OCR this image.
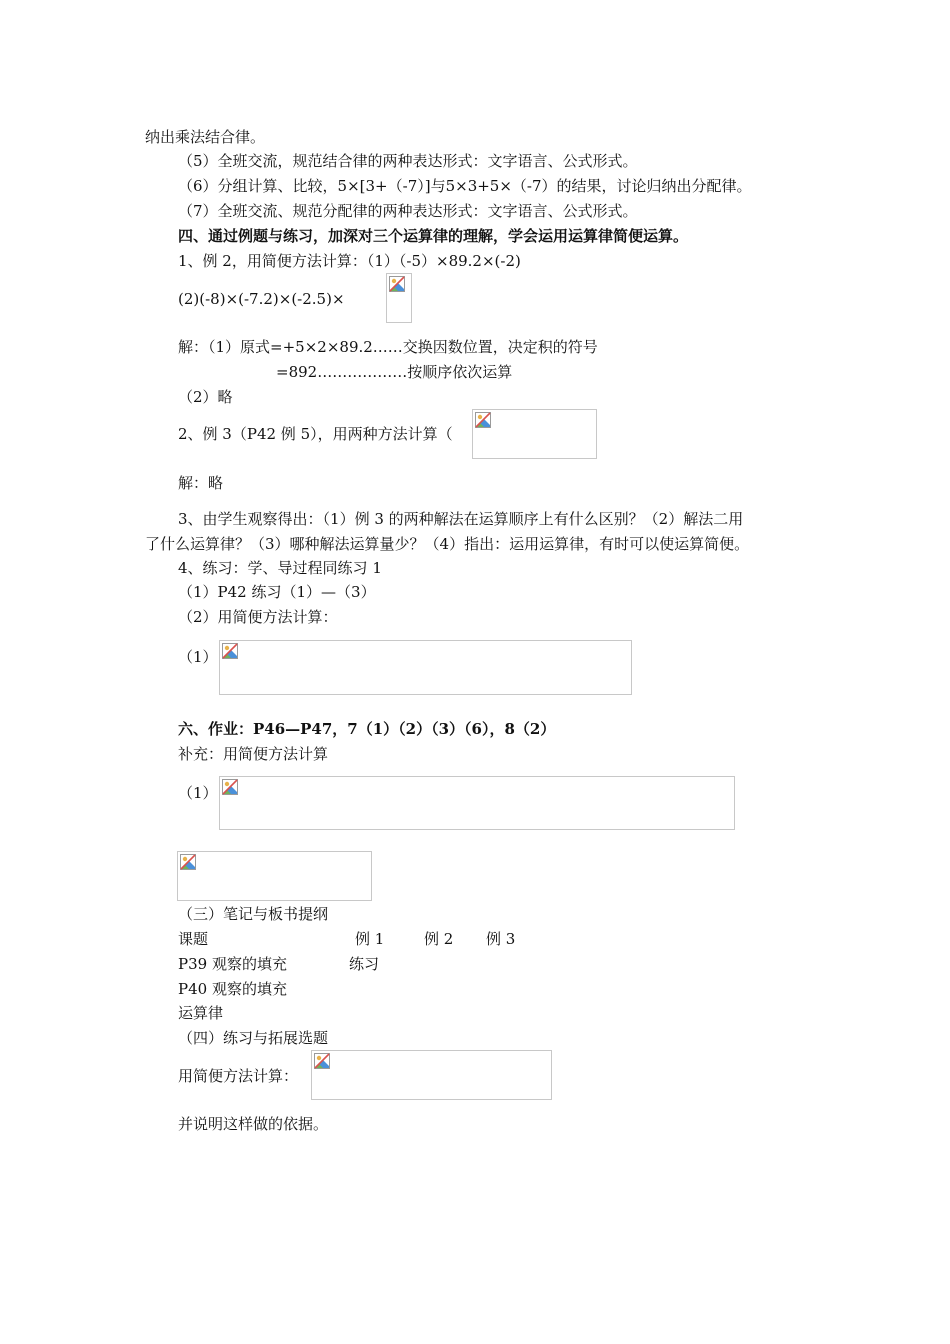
纳出乘法结合律。
（5）全班交流，规范结合律的两种表达形式：文字语言、公式形式。
（6）分组计算、比较，5×[3+（-7）]与5×3+5×（-7）的结果，讨论归纳出分配律。
（7）全班交流、规范分配律的两种表达形式：文字语言、公式形式。
四、通过例题与练习，加深对三个运算律的理解，学会运用运算律简便运算。
1、例 2，用简便方法计算：（1）（-5）×89.2×(-2)
(2)(-8)×(-7.2)×(-2.5)×
解：（1）原式=+5×2×89.2……交换因数位置，决定积的符号
=892………………按顺序依次运算
（2）略
2、例 3（P42 例 5），用两种方法计算（
解：略
3、由学生观察得出：（1）例 3 的两种解法在运算顺序上有什么区别？（2）解法二用
了什么运算律？（3）哪种解法运算量少？（4）指出：运用运算律，有时可以使运算简便。
4、练习：学、导过程同练习 1
（1）P42 练习（1）—（3）
（2）用简便方法计算：
（1）
六、作业：P46—P47，7（1）（2）（3）（6），8（2）
补充：用简便方法计算
（1）
（三）笔记与板书提纲
课题	例 1	例 2 例 3
P39 观察的填充	练习
P40 观察的填充
运算律
（四）练习与拓展选题
用简便方法计算：
并说明这样做的依据。
